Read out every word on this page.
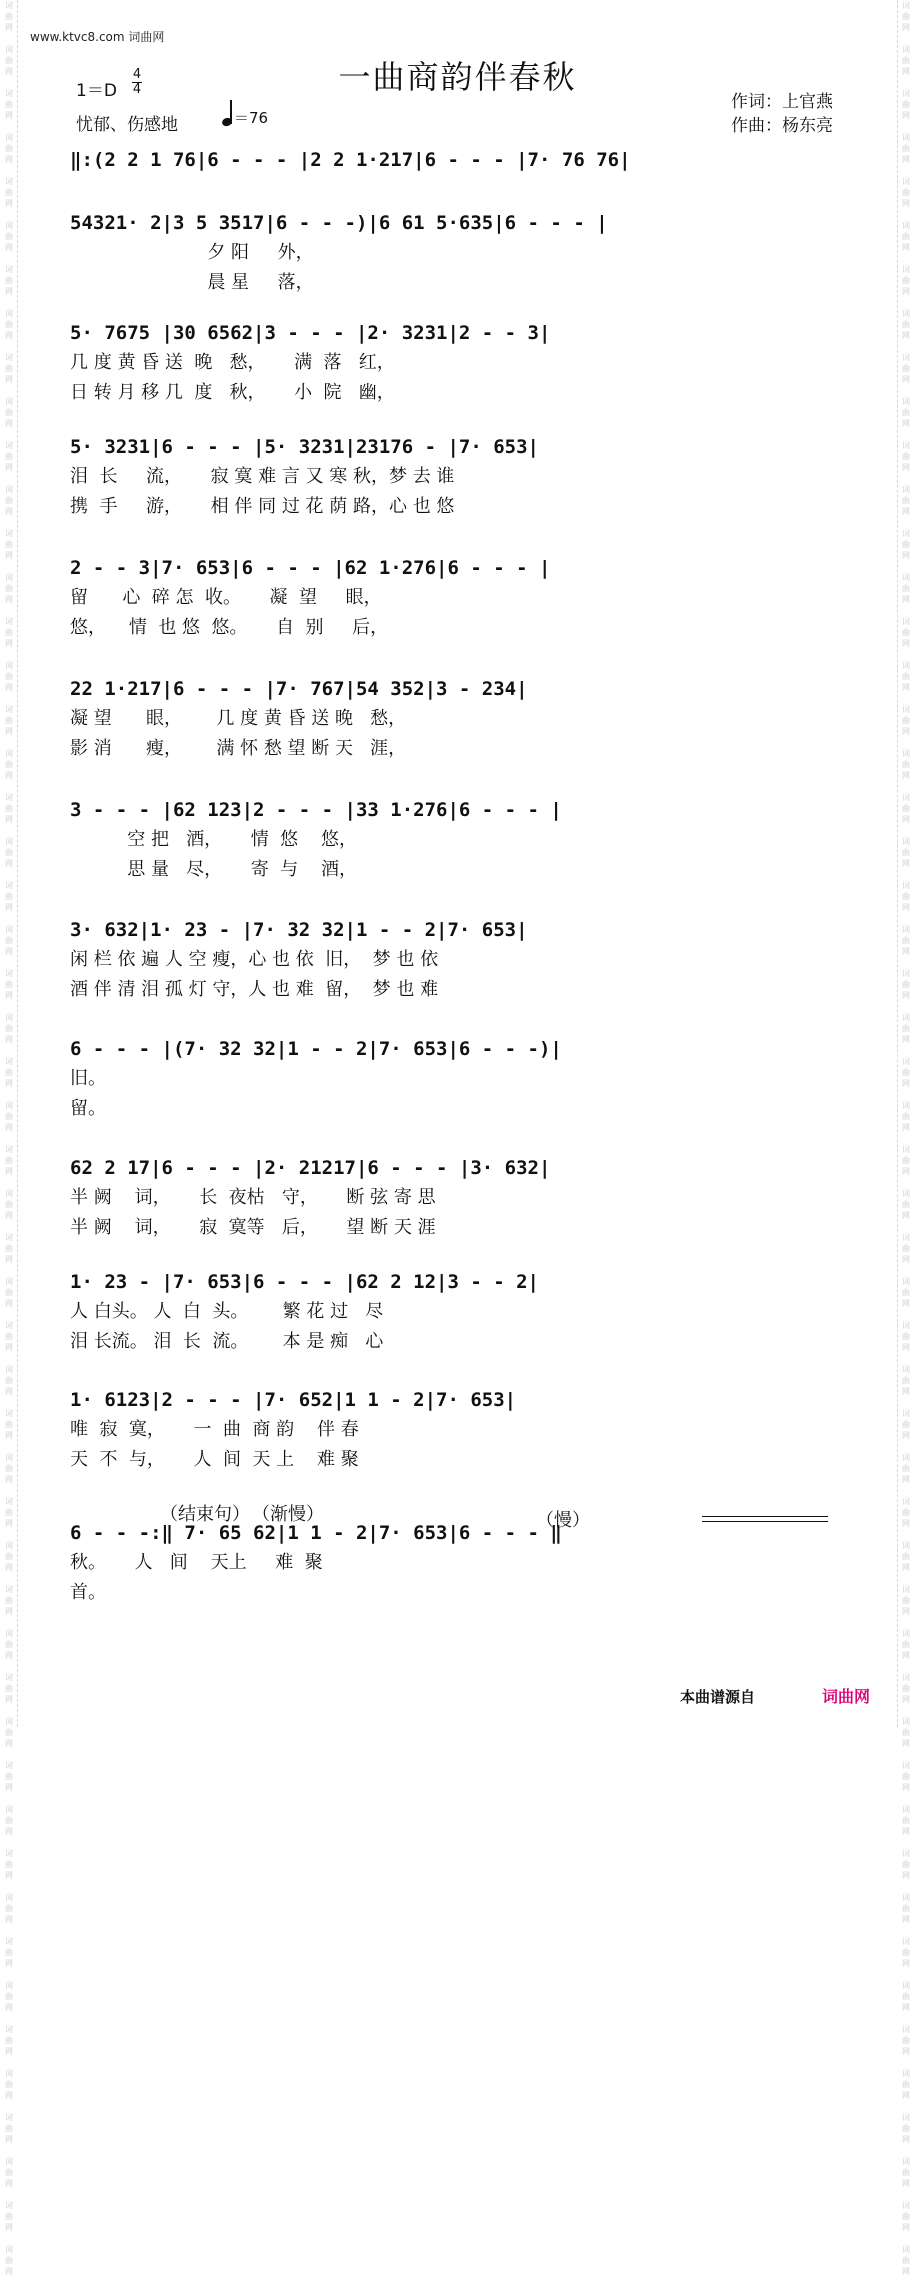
词
曲
网

词
曲
网

词
曲
网

词
曲
网

词
曲
网

词
曲
网

词
曲
网

词
曲
网

词
曲
网

词
曲
网

词
曲
网

词
曲
网

词
曲
网

词
曲
网

词
曲
网

词
曲
网

词
曲
网

词
曲
网

词
曲
网

词
曲
网

词
曲
网

词
曲
网

词
曲
网

词
曲
网

词
曲
网

词
曲
网

词
曲
网

词
曲
网

词
曲
网

词
曲
网

词
曲
网

词
曲
网

词
曲
网

词
曲
网

词
曲
网

词
曲
网

词
曲
网

词
曲
网

词
曲
网

词
曲
网

词
曲
网

词
曲
网

词
曲
网

词
曲
网

词
曲
网

词
曲
网

词
曲
网

词
曲
网

词
曲
网

词
曲
网

词
曲
网

词
曲
网

词
曲
网

词
曲
网

词
曲
网

词
曲
网

词
曲
网

词
曲
网

词
曲
网

词
曲
网

词
曲
网

词
曲
网

词
曲
网

词
曲
网

词
曲
网

词
曲
网

词
曲
网

词
曲
网

词
曲
网

词
曲
网

词
曲
网

词
曲
网

词
曲
网

词
曲
网

词
曲
网

词
曲
网

词
曲
网

词
曲
网

词
曲
网

词
曲
网

词
曲
网

词
曲
网

词
曲
网

词
曲
网

词
曲
网

词
曲
网

词
曲
网

词
曲
网

词
曲
网

词
曲
网

词
曲
网

词
曲
网

词
曲
网

词
曲
网

词
曲
网

词
曲
网

词
曲
网

词
曲
网

词
曲
网

词
曲
网

词
曲
网

词
曲
网

词
曲
网

词
曲
网

www.ktvc8.com 词曲网
一曲商韵伴春秋
1＝D
4
4
忧郁、伤感地	＝76
作词：上官燕
作曲：杨东亮
‖:(2 2 1 76|6 - - - |2 2 1·217|6 - - - |7· 76 76|
54321· 2|3 5 3517|6 - - -)|6 61 5·635|6 - - - |
夕 阳     外，
晨 星     落，
5· 7675 |30 6562|3 - - - |2· 3231|2 - - 3|
几 度 黄 昏 送  晚   愁，     满  落   红，
日 转 月 移 几  度   秋，     小  院   幽，
5· 3231|6 - - - |5· 3231|23176 - |7· 653|
泪  长     流，     寂 寞 难 言 又 寒 秋，梦 去 谁
携  手     游，     相 伴 同 过 花 荫 路，心 也 悠
2 - - 3|7· 653|6 - - - |62 1·276|6 - - - |
留      心  碎 怎  收。     凝  望     眼，
悠，    情  也 悠  悠。     自  别     后，
22 1·217|6 - - - |7· 767|54 352|3 - 234|
凝 望      眼，      几 度 黄 昏 送 晚   愁，
影 消      瘦，      满 怀 愁 望 断 天   涯，
3 - - - |62 123|2 - - - |33 1·276|6 - - - |
空 把   酒，     情  悠    悠，
思 量   尽，     寄  与    酒，
3· 632|1· 23 - |7· 32 32|1 - - 2|7· 653|
闲 栏 依 遍 人 空 瘦，心 也 依  旧，  梦 也 依
酒 伴 清 泪 孤 灯 守，人 也 难  留，  梦 也 难
6 - - - |(7· 32 32|1 - - 2|7· 653|6 - - -)|
旧。
留。
62 2 17|6 - - - |2· 21217|6 - - - |3· 632|
半 阙    词，     长  夜枯   守，     断 弦 寄 思
半 阙    词，     寂  寞等   后，     望 断 天 涯
1· 23 - |7· 653|6 - - - |62 2 12|3 - - 2|
人 白头。 人  白  头。      繁 花 过   尽
泪 长流。 泪  长  流。      本 是 痴   心
1· 6123|2 - - - |7· 652|1 1 - 2|7· 653|
唯  寂  寞，     一  曲  商 韵    伴 春
天  不  与，     人  间  天 上    难 聚
6 - - -:‖ 7· 65 62|1 1 - 2|7· 653|6 - - - ‖
秋。     人   间    天上     难  聚
首。
（结束句） （渐慢）	（慢）
本曲谱源自	词曲网
